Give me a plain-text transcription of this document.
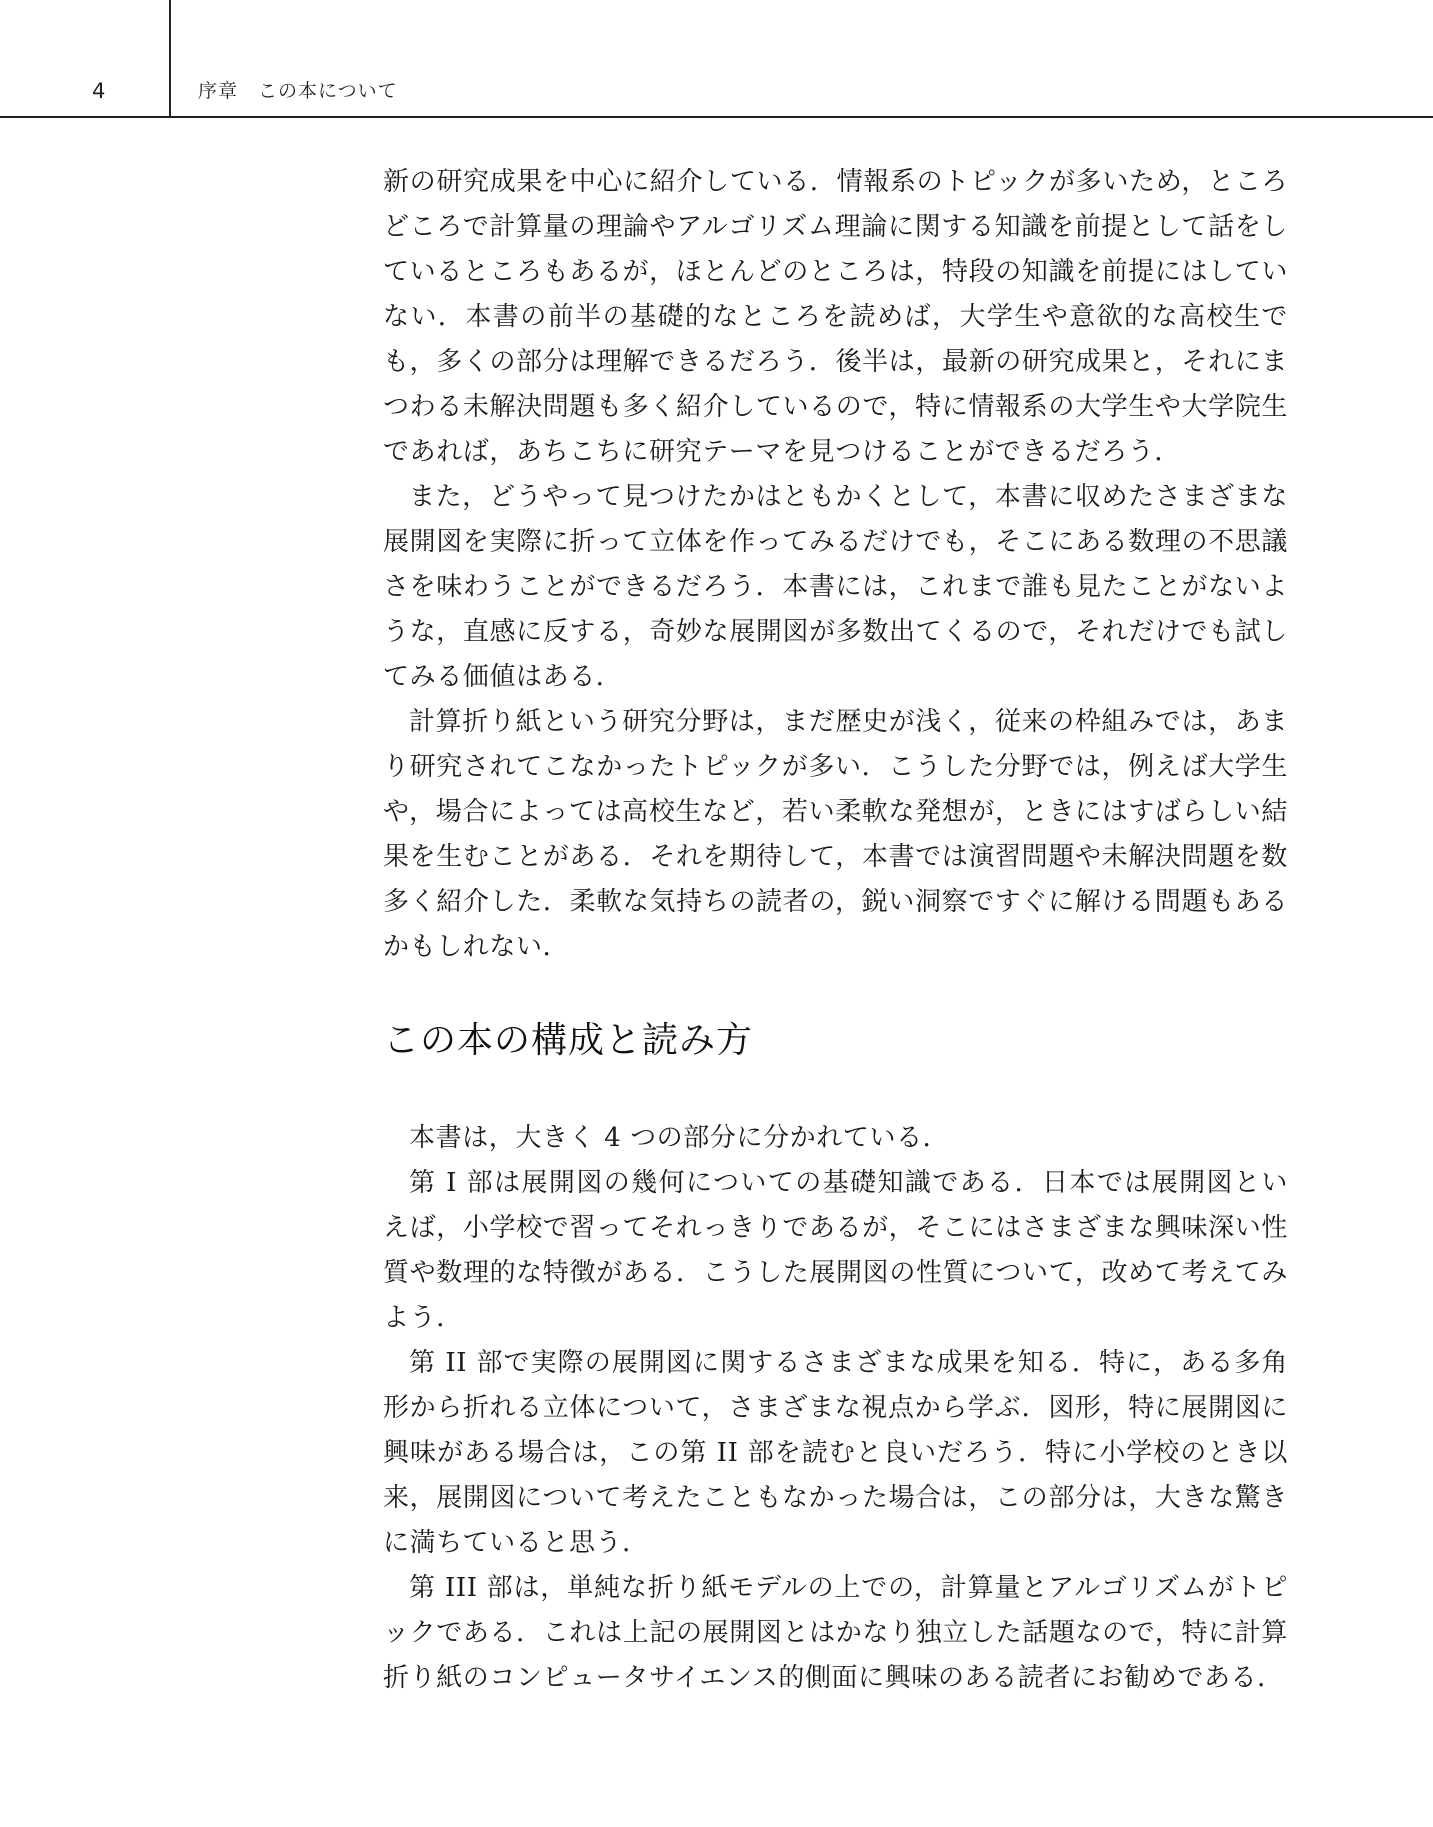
4	序章　この本について

新の研究成果を中心に紹介している．情報系のトピックが多いため，ところどころで計算量の理論やアルゴリズム理論に関する知識を前提として話をしているところもあるが，ほとんどのところは，特段の知識を前提にはしていない．本書の前半の基礎的なところを読めば，大学生や意欲的な高校生でも，多くの部分は理解できるだろう．後半は，最新の研究成果と，それにまつわる未解決問題も多く紹介しているので，特に情報系の大学生や大学院生であれば，あちこちに研究テーマを見つけることができるだろう．

また，どうやって見つけたかはともかくとして，本書に収めたさまざまな展開図を実際に折って立体を作ってみるだけでも，そこにある数理の不思議さを味わうことができるだろう．本書には，これまで誰も見たことがないような，直感に反する，奇妙な展開図が多数出てくるので，それだけでも試してみる価値はある．

計算折り紙という研究分野は，まだ歴史が浅く，従来の枠組みでは，あまり研究されてこなかったトピックが多い．こうした分野では，例えば大学生や，場合によっては高校生など，若い柔軟な発想が，ときにはすばらしい結果を生むことがある．それを期待して，本書では演習問題や未解決問題を数多く紹介した．柔軟な気持ちの読者の，鋭い洞察ですぐに解ける問題もあるかもしれない．

この本の構成と読み方

本書は，大きく 4 つの部分に分かれている．

第 I 部は展開図の幾何についての基礎知識である．日本では展開図といえば，小学校で習ってそれっきりであるが，そこにはさまざまな興味深い性質や数理的な特徴がある．こうした展開図の性質について，改めて考えてみよう．

第 II 部で実際の展開図に関するさまざまな成果を知る．特に，ある多角形から折れる立体について，さまざまな視点から学ぶ．図形，特に展開図に興味がある場合は，この第 II 部を読むと良いだろう．特に小学校のとき以来，展開図について考えたこともなかった場合は，この部分は，大きな驚きに満ちていると思う．

第 III 部は，単純な折り紙モデルの上での，計算量とアルゴリズムがトピックである．これは上記の展開図とはかなり独立した話題なので，特に計算折り紙のコンピュータサイエンス的側面に興味のある読者にお勧めである．
